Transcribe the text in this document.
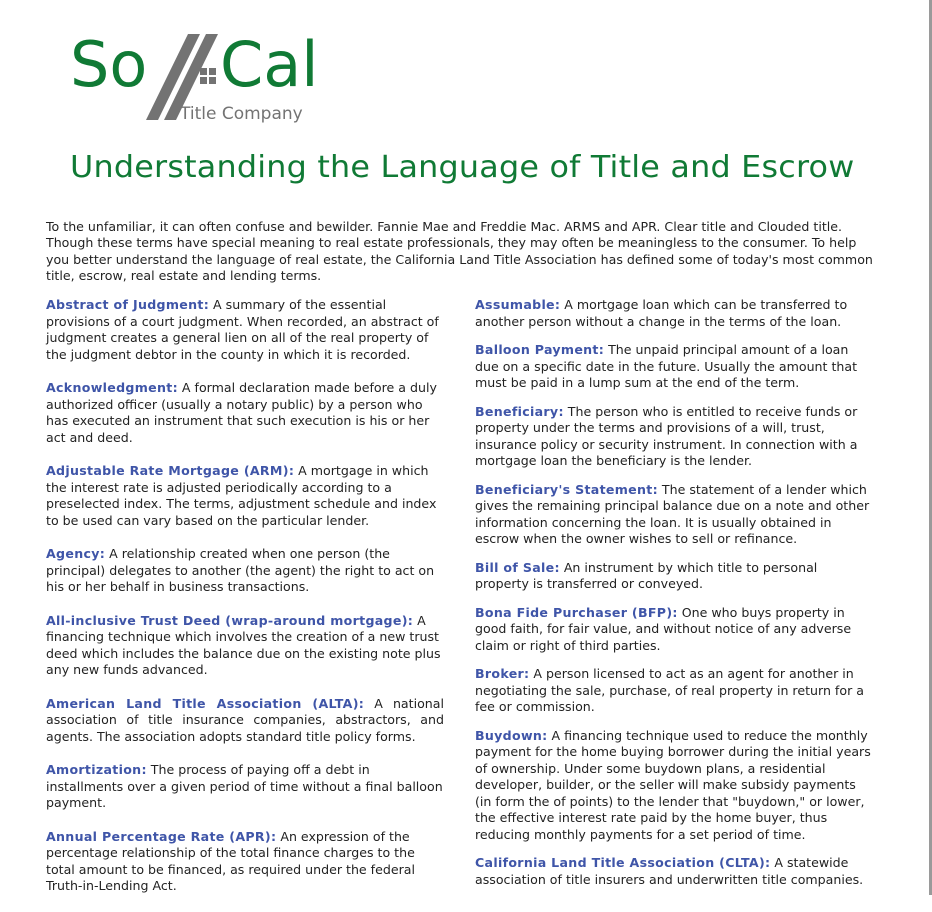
So Cal
Title Company
Understanding the Language of Title and Escrow

To the unfamiliar, it can often confuse and bewilder. Fannie Mae and Freddie Mac. ARMS and APR. Clear title and Clouded title. Though these terms have special meaning to real estate professionals, they may often be meaningless to the consumer. To help you better understand the language of real estate, the California Land Title Association has defined some of today's most common title, escrow, real estate and lending terms.

Abstract of Judgment: A summary of the essential provisions of a court judgment. When recorded, an abstract of judgment creates a general lien on all of the real property of the judgment debtor in the county in which it is recorded.

Acknowledgment: A formal declaration made before a duly authorized officer (usually a notary public) by a person who has executed an instrument that such execution is his or her act and deed.

Adjustable Rate Mortgage (ARM): A mortgage in which the interest rate is adjusted periodically according to a preselected index. The terms, adjustment schedule and index to be used can vary based on the particular lender.

Agency: A relationship created when one person (the principal) delegates to another (the agent) the right to act on his or her behalf in business transactions.

All-inclusive Trust Deed (wrap-around mortgage): A financing technique which involves the creation of a new trust deed which includes the balance due on the existing note plus any new funds advanced.

American Land Title Association (ALTA): A national association of title insurance companies, abstractors, and agents. The association adopts standard title policy forms.

Amortization: The process of paying off a debt in installments over a given period of time without a final balloon payment.

Annual Percentage Rate (APR): An expression of the percentage relationship of the total finance charges to the total amount to be financed, as required under the federal Truth-in-Lending Act.

Assumable: A mortgage loan which can be transferred to another person without a change in the terms of the loan.

Balloon Payment: The unpaid principal amount of a loan due on a specific date in the future. Usually the amount that must be paid in a lump sum at the end of the term.

Beneficiary: The person who is entitled to receive funds or property under the terms and provisions of a will, trust, insurance policy or security instrument. In connection with a mortgage loan the beneficiary is the lender.

Beneficiary's Statement: The statement of a lender which gives the remaining principal balance due on a note and other information concerning the loan. It is usually obtained in escrow when the owner wishes to sell or refinance.

Bill of Sale: An instrument by which title to personal property is transferred or conveyed.

Bona Fide Purchaser (BFP): One who buys property in good faith, for fair value, and without notice of any adverse claim or right of third parties.

Broker: A person licensed to act as an agent for another in negotiating the sale, purchase, of real property in return for a fee or commission.

Buydown: A financing technique used to reduce the monthly payment for the home buying borrower during the initial years of ownership. Under some buydown plans, a residential developer, builder, or the seller will make subsidy payments (in form the of points) to the lender that "buydown," or lower, the effective interest rate paid by the home buyer, thus reducing monthly payments for a set period of time.

California Land Title Association (CLTA): A statewide association of title insurers and underwritten title companies.
